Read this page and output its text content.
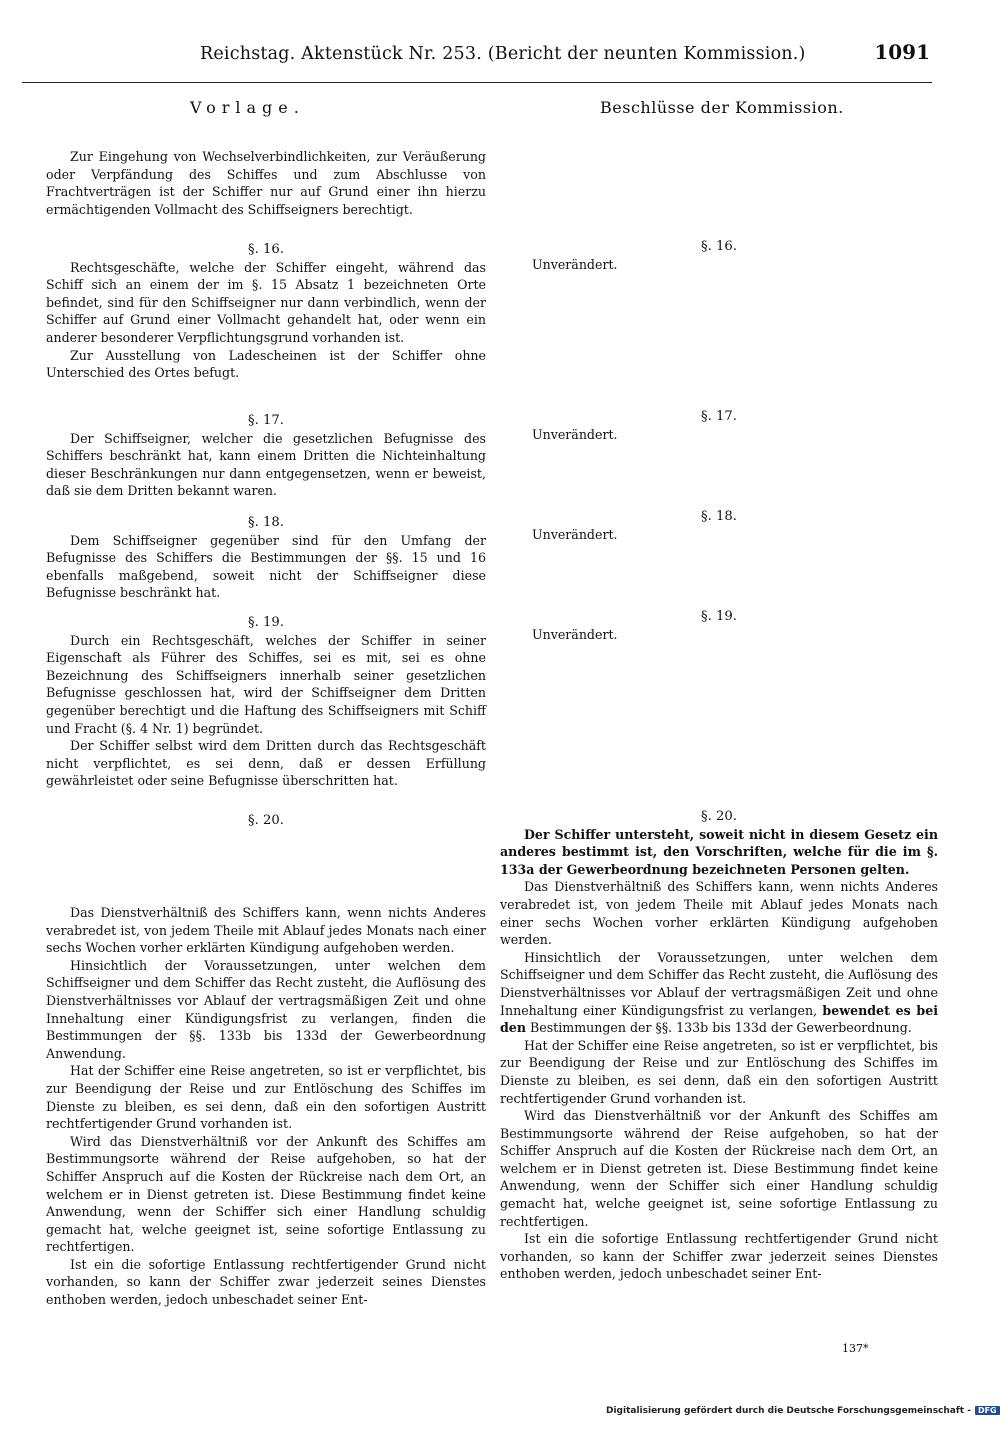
Reichstag. Aktenstück Nr. 253. (Bericht der neunten Kommission.)	1091
Vorlage.	Beschlüsse der Kommission.

Zur Eingehung von Wechselverbindlichkeiten, zur Veräußerung oder Verpfändung des Schiffes und zum Abschlusse von Frachtverträgen ist der Schiffer nur auf Grund einer ihn hierzu ermächtigenden Vollmacht des Schiffseigners berechtigt.

§. 16.

Rechtsgeschäfte, welche der Schiffer eingeht, während das Schiff sich an einem der im §. 15 Absatz 1 bezeichneten Orte befindet, sind für den Schiffseigner nur dann verbindlich, wenn der Schiffer auf Grund einer Vollmacht gehandelt hat, oder wenn ein anderer besonderer Verpflichtungsgrund vorhanden ist.

Zur Ausstellung von Ladescheinen ist der Schiffer ohne Unterschied des Ortes befugt.

§. 17.

Der Schiffseigner, welcher die gesetzlichen Befugnisse des Schiffers beschränkt hat, kann einem Dritten die Nichteinhaltung dieser Beschränkungen nur dann entgegensetzen, wenn er beweist, daß sie dem Dritten bekannt waren.

§. 18.

Dem Schiffseigner gegenüber sind für den Umfang der Befugnisse des Schiffers die Bestimmungen der §§. 15 und 16 ebenfalls maßgebend, soweit nicht der Schiffseigner diese Befugnisse beschränkt hat.

§. 19.

Durch ein Rechtsgeschäft, welches der Schiffer in seiner Eigenschaft als Führer des Schiffes, sei es mit, sei es ohne Bezeichnung des Schiffseigners innerhalb seiner gesetzlichen Befugnisse geschlossen hat, wird der Schiffseigner dem Dritten gegenüber berechtigt und die Haftung des Schiffseigners mit Schiff und Fracht (§. 4 Nr. 1) begründet.

Der Schiffer selbst wird dem Dritten durch das Rechtsgeschäft nicht verpflichtet, es sei denn, daß er dessen Erfüllung gewährleistet oder seine Befugnisse überschritten hat.

§. 20.

Das Dienstverhältniß des Schiffers kann, wenn nichts Anderes verabredet ist, von jedem Theile mit Ablauf jedes Monats nach einer sechs Wochen vorher erklärten Kündigung aufgehoben werden.

Hinsichtlich der Voraussetzungen, unter welchen dem Schiffseigner und dem Schiffer das Recht zusteht, die Auflösung des Dienstverhältnisses vor Ablauf der vertragsmäßigen Zeit und ohne Innehaltung einer Kündigungsfrist zu verlangen, finden die Bestimmungen der §§. 133b bis 133d der Gewerbeordnung Anwendung.

Hat der Schiffer eine Reise angetreten, so ist er verpflichtet, bis zur Beendigung der Reise und zur Entlöschung des Schiffes im Dienste zu bleiben, es sei denn, daß ein den sofortigen Austritt rechtfertigender Grund vorhanden ist.

Wird das Dienstverhältniß vor der Ankunft des Schiffes am Bestimmungsorte während der Reise aufgehoben, so hat der Schiffer Anspruch auf die Kosten der Rückreise nach dem Ort, an welchem er in Dienst getreten ist. Diese Bestimmung findet keine Anwendung, wenn der Schiffer sich einer Handlung schuldig gemacht hat, welche geeignet ist, seine sofortige Entlassung zu rechtfertigen.

Ist ein die sofortige Entlassung rechtfertigender Grund nicht vorhanden, so kann der Schiffer zwar jederzeit seines Dienstes enthoben werden, jedoch unbeschadet seiner Ent-

§. 16.

Unverändert.

§. 17.

Unverändert.

§. 18.

Unverändert.

§. 19.

Unverändert.

§. 20.

Der Schiffer untersteht, soweit nicht in diesem Gesetz ein anderes bestimmt ist, den Vorschriften, welche für die im §. 133a der Gewerbeordnung bezeichneten Personen gelten.

Das Dienstverhältniß des Schiffers kann, wenn nichts Anderes verabredet ist, von jedem Theile mit Ablauf jedes Monats nach einer sechs Wochen vorher erklärten Kündigung aufgehoben werden.

Hinsichtlich der Voraussetzungen, unter welchen dem Schiffseigner und dem Schiffer das Recht zusteht, die Auflösung des Dienstverhältnisses vor Ablauf der vertragsmäßigen Zeit und ohne Innehaltung einer Kündigungsfrist zu verlangen, bewendet es bei den Bestimmungen der §§. 133b bis 133d der Gewerbeordnung.

Hat der Schiffer eine Reise angetreten, so ist er verpflichtet, bis zur Beendigung der Reise und zur Entlöschung des Schiffes im Dienste zu bleiben, es sei denn, daß ein den sofortigen Austritt rechtfertigender Grund vorhanden ist.

Wird das Dienstverhältniß vor der Ankunft des Schiffes am Bestimmungsorte während der Reise aufgehoben, so hat der Schiffer Anspruch auf die Kosten der Rückreise nach dem Ort, an welchem er in Dienst getreten ist. Diese Bestimmung findet keine Anwendung, wenn der Schiffer sich einer Handlung schuldig gemacht hat, welche geeignet ist, seine sofortige Entlassung zu rechtfertigen.

Ist ein die sofortige Entlassung rechtfertigender Grund nicht vorhanden, so kann der Schiffer zwar jederzeit seines Dienstes enthoben werden, jedoch unbeschadet seiner Ent-

137*
Digitalisierung gefördert durch die Deutsche Forschungsgemeinschaft - DFG
